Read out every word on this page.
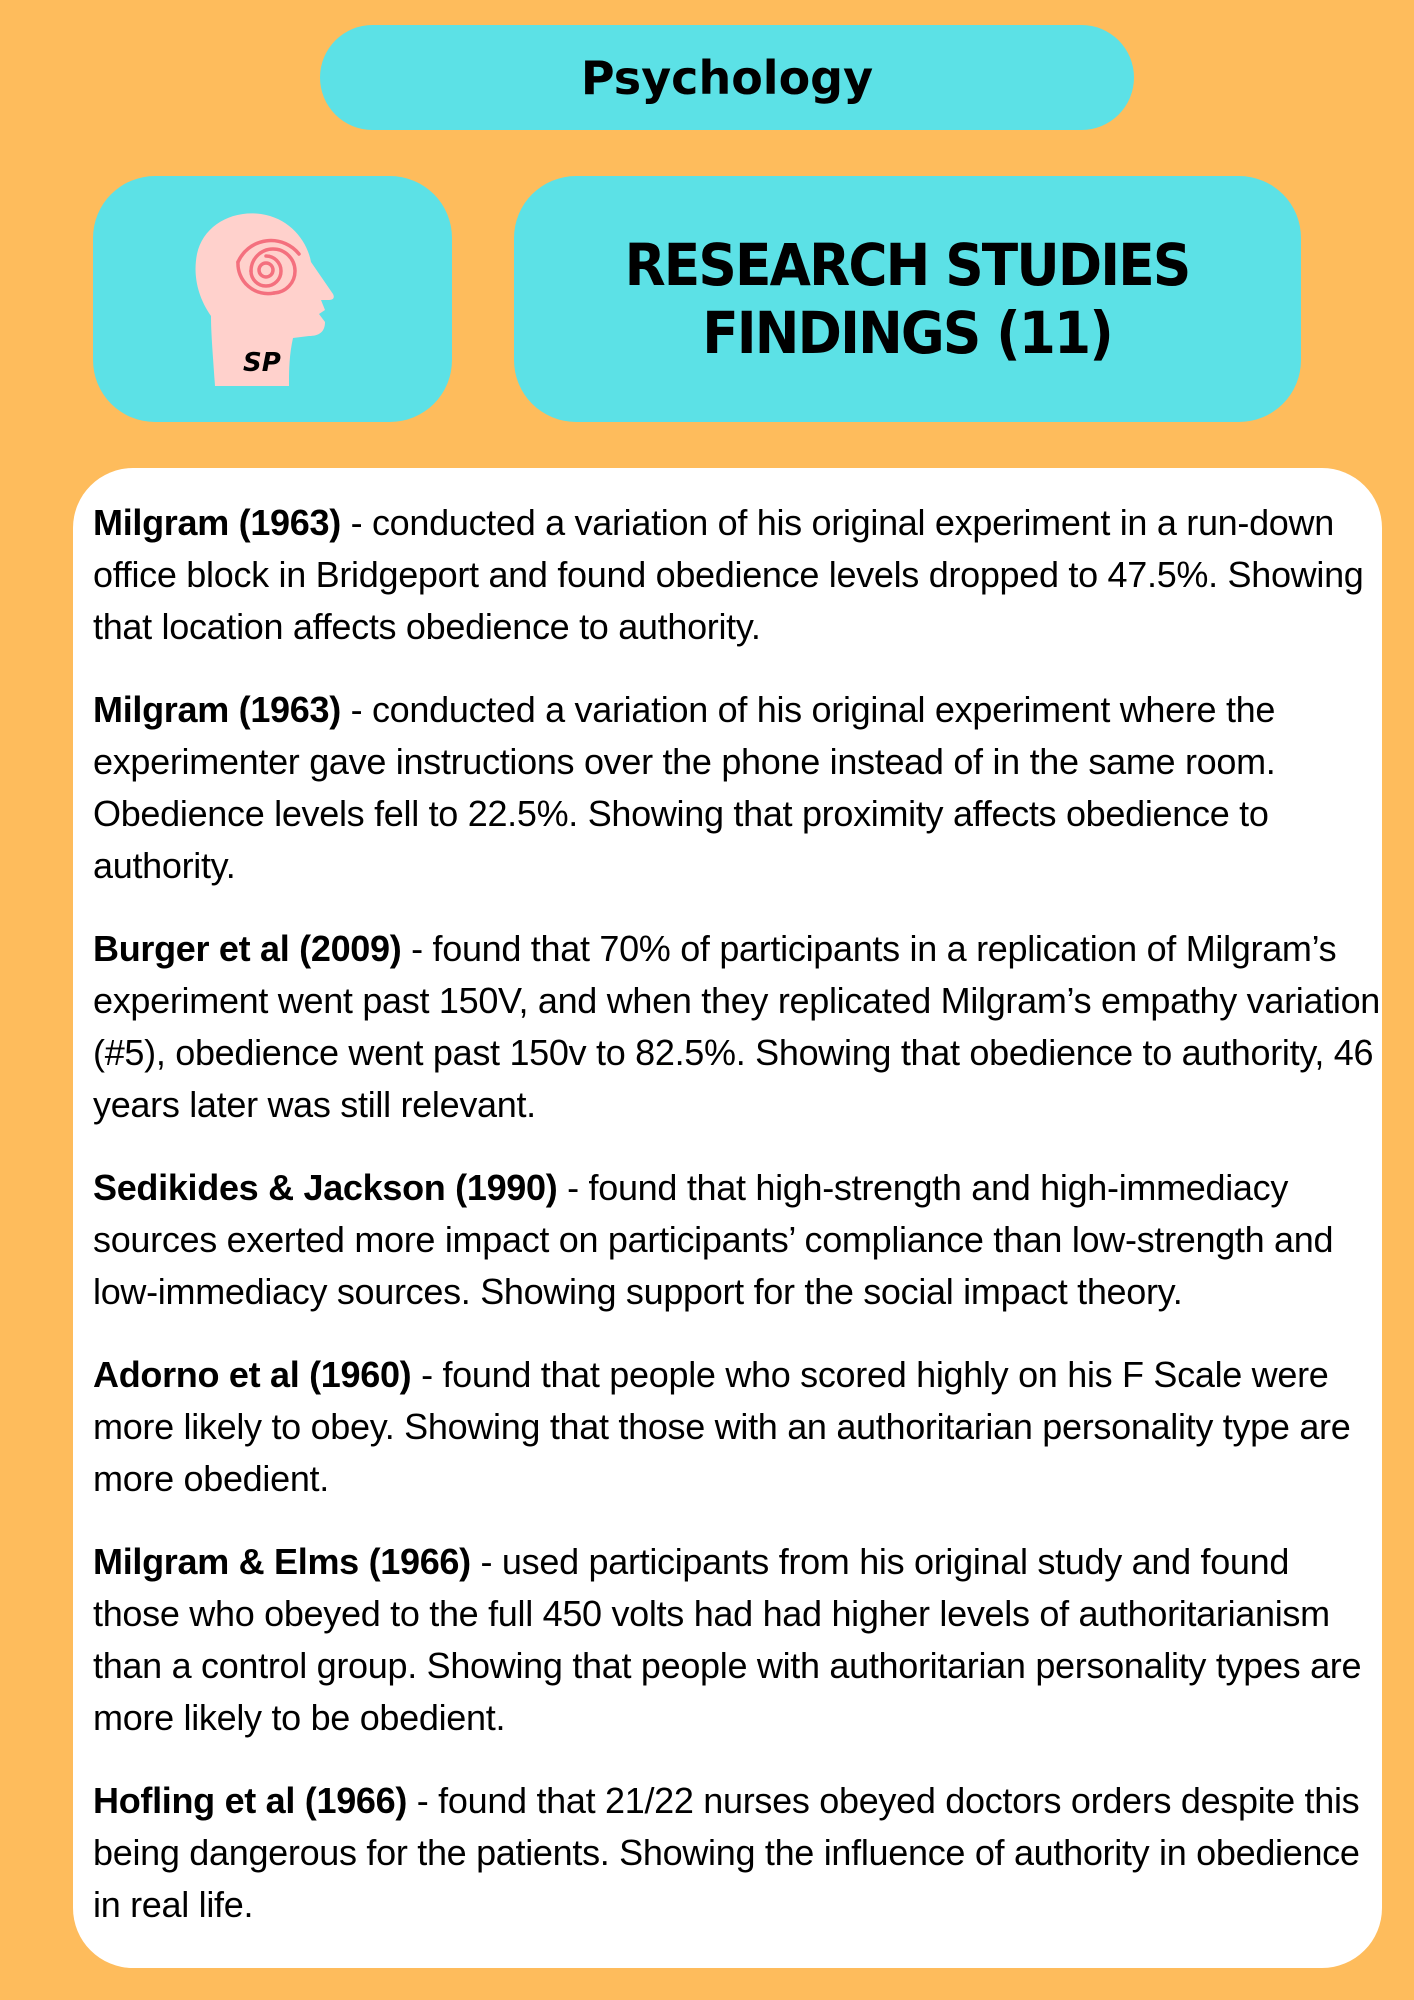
Psychology
SP
RESEARCH STUDIES
FINDINGS (11)

Milgram (1963) - conducted a variation of his original experiment in a run-down office block in Bridgeport and found obedience levels dropped to 47.5%. Showing that location affects obedience to authority.

Milgram (1963) - conducted a variation of his original experiment where the experimenter gave instructions over the phone instead of in the same room. Obedience levels fell to 22.5%. Showing that proximity affects obedience to authority.

Burger et al (2009) - found that 70% of participants in a replication of Milgram’s experiment went past 150V, and when they replicated Milgram’s empathy variation (#5), obedience went past 150v to 82.5%. Showing that obedience to authority, 46 years later was still relevant.

Sedikides & Jackson (1990) - found that high-strength and high-immediacy sources exerted more impact on participants’ compliance than low-strength and low-immediacy sources. Showing support for the social impact theory.

Adorno et al (1960) - found that people who scored highly on his F Scale were more likely to obey. Showing that those with an authoritarian personality type are more obedient.

Milgram & Elms (1966) - used participants from his original study and found those who obeyed to the full 450 volts had had higher levels of authoritarianism than a control group. Showing that people with authoritarian personality types are more likely to be obedient.

Hofling et al (1966) - found that 21/22 nurses obeyed doctors orders despite this being dangerous for the patients. Showing the influence of authority in obedience in real life.
